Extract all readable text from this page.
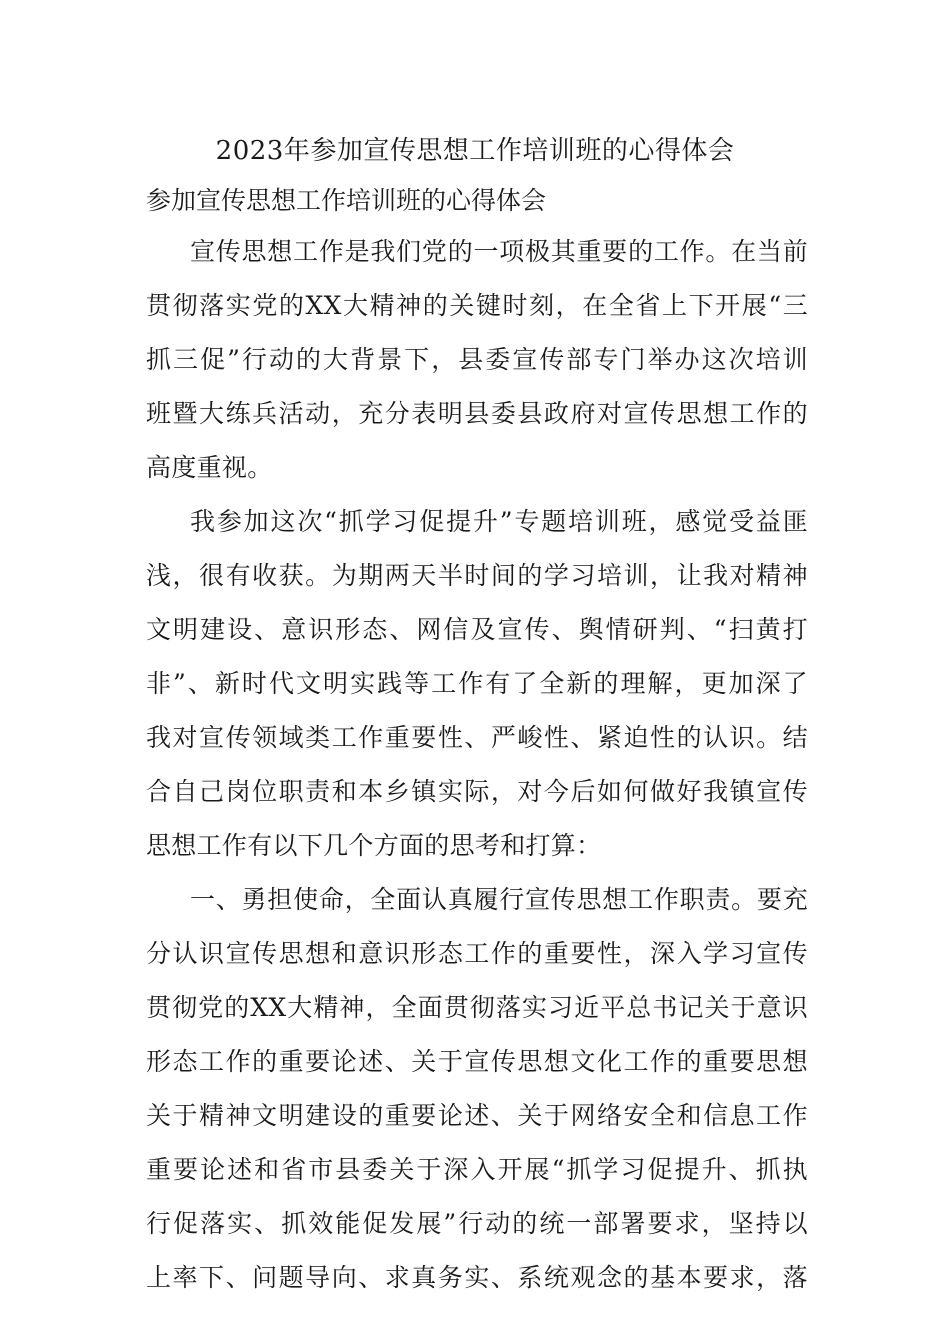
2023年参加宣传思想工作培训班的心得体会
参加宣传思想工作培训班的心得体会
宣传思想工作是我们党的一项极其重要的工作。在当前
贯彻落实党的XX大精神的关键时刻，在全省上下开展“三
抓三促”行动的大背景下，县委宣传部专门举办这次培训
班暨大练兵活动，充分表明县委县政府对宣传思想工作的
高度重视。
我参加这次“抓学习促提升”专题培训班，感觉受益匪
浅，很有收获。为期两天半时间的学习培训，让我对精神
文明建设、意识形态、网信及宣传、舆情研判、“扫黄打
非”、新时代文明实践等工作有了全新的理解，更加深了
我对宣传领域类工作重要性、严峻性、紧迫性的认识。结
合自己岗位职责和本乡镇实际，对今后如何做好我镇宣传
思想工作有以下几个方面的思考和打算：
一、勇担使命，全面认真履行宣传思想工作职责。要充
分认识宣传思想和意识形态工作的重要性，深入学习宣传
贯彻党的XX大精神，全面贯彻落实习近平总书记关于意识
形态工作的重要论述、关于宣传思想文化工作的重要思想
关于精神文明建设的重要论述、关于网络安全和信息工作
重要论述和省市县委关于深入开展“抓学习促提升、抓执
行促落实、抓效能促发展”行动的统一部署要求，坚持以
上率下、问题导向、求真务实、系统观念的基本要求，落
